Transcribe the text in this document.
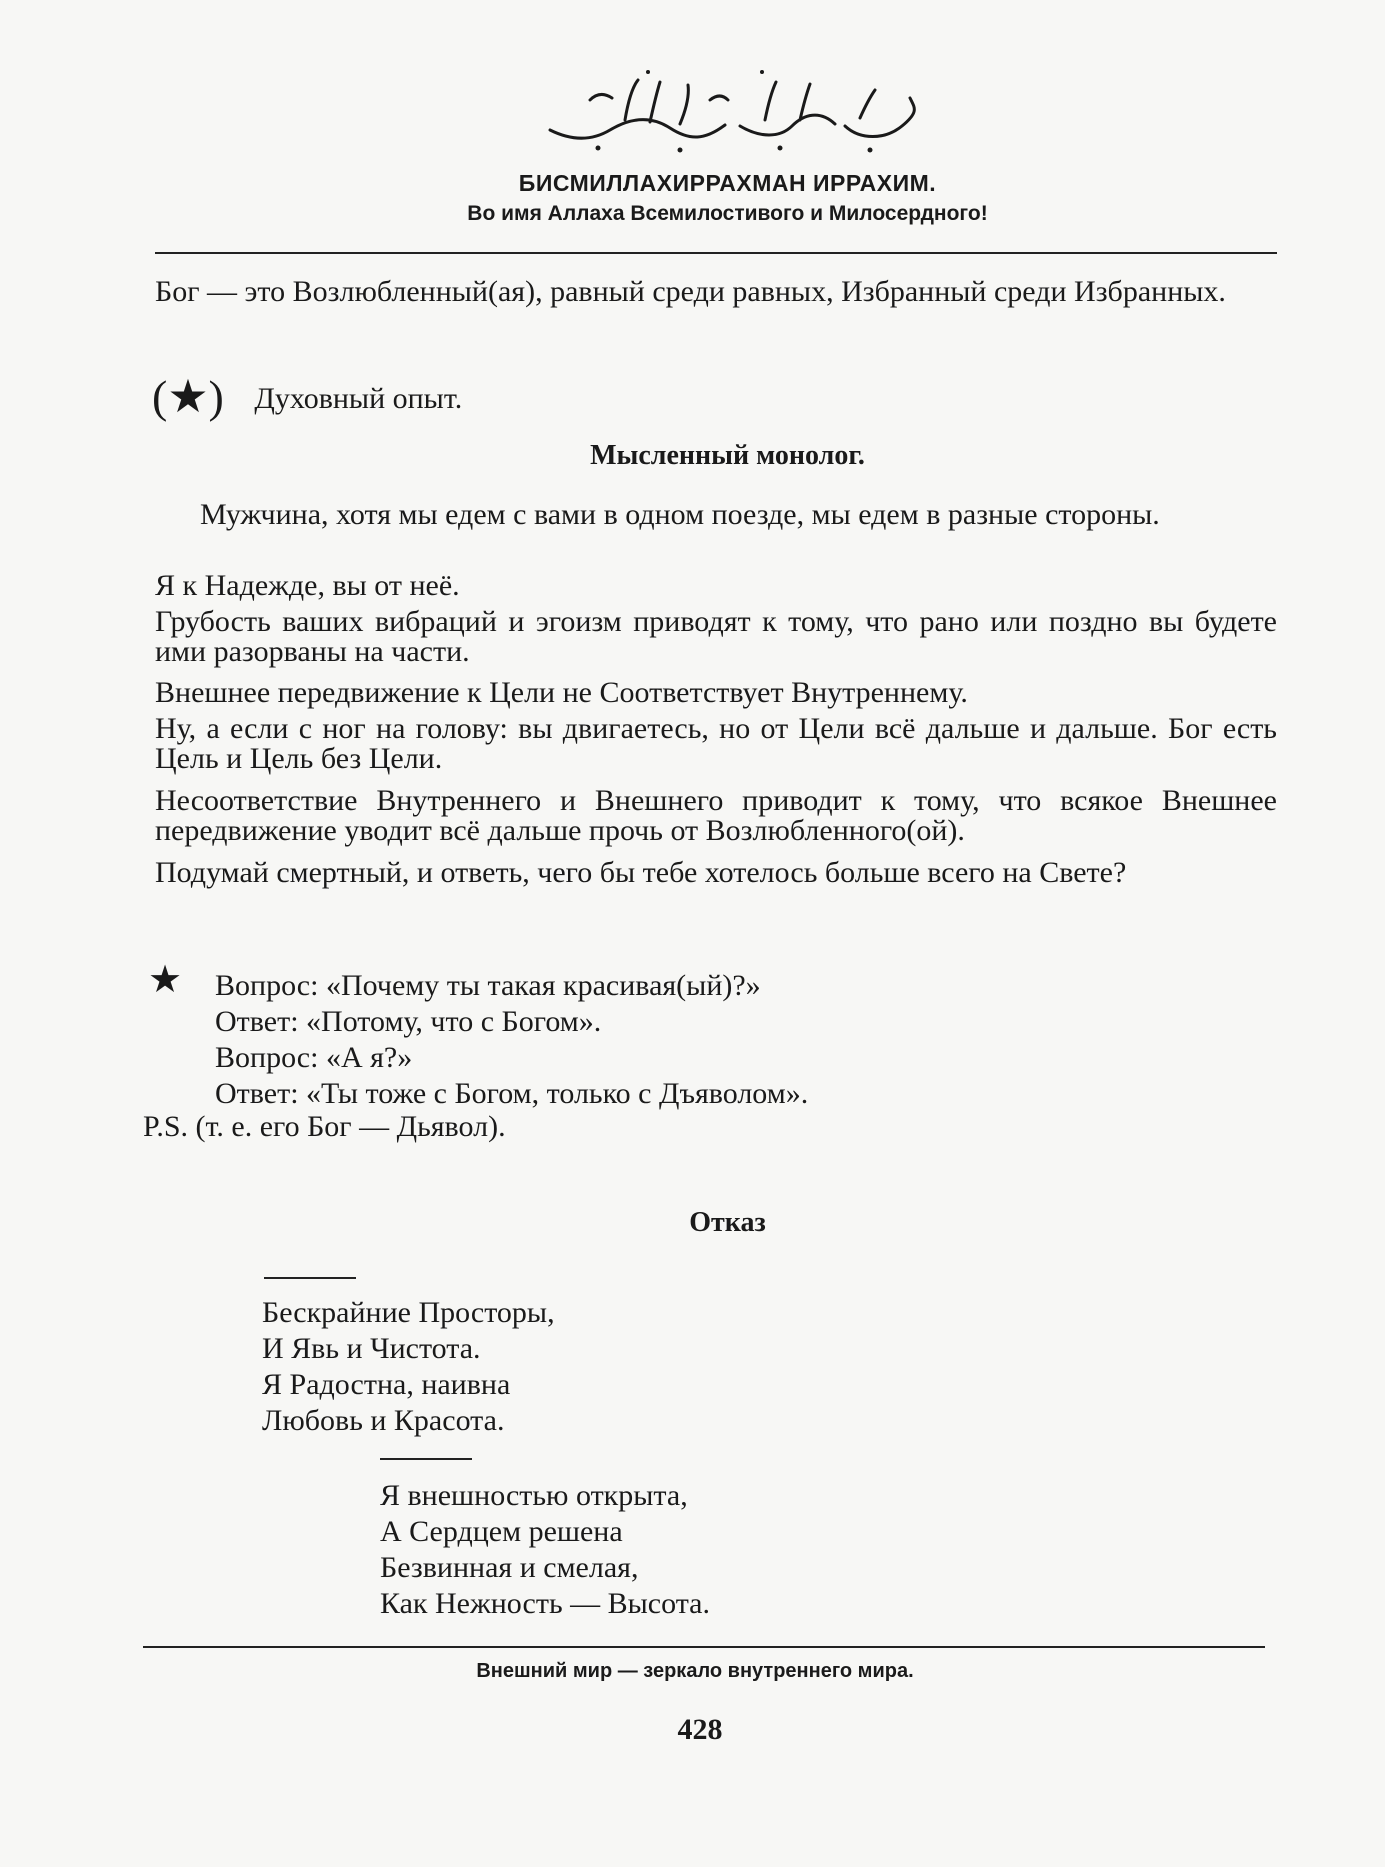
БИСМИЛЛАХИРРАХМАН ИРРАХИМ.
Во имя Аллаха Всемилостивого и Милосердного!
Бог — это Возлюбленный(ая), равный среди равных, Избранный среди Избранных.
(★) Духовный опыт.
Мысленный монолог.
Мужчина, хотя мы едем с вами в одном поезде, мы едем в разные стороны.
Я к Надежде, вы от неё.
Грубость ваших вибраций и эгоизм приводят к тому, что рано или поздно вы будете ими разорваны на части.
Внешнее передвижение к Цели не Соответствует Внутреннему.
Ну, а если с ног на голову: вы двигаетесь, но от Цели всё дальше и дальше. Бог есть Цель и Цель без Цели.
Несоответствие Внутреннего и Внешнего приводит к тому, что всякое Внешнее передвижение уводит всё дальше прочь от Возлюбленного(ой).
Подумай смертный, и ответь, чего бы тебе хотелось больше всего на Свете?
★ Вопрос: «Почему ты такая красивая(ый)?»
Ответ: «Потому, что с Богом».
Вопрос: «А я?»
Ответ: «Ты тоже с Богом, только с Дъяволом».
P.S. (т. е. его Бог — Дьявол).
Отказ
Бескрайние Просторы,
И Явь и Чистота.
Я Радостна, наивна
Любовь и Красота.
Я внешностью открыта,
А Сердцем решена
Безвинная и смелая,
Как Нежность — Высота.
Внешний мир — зеркало внутреннего мира.
428
